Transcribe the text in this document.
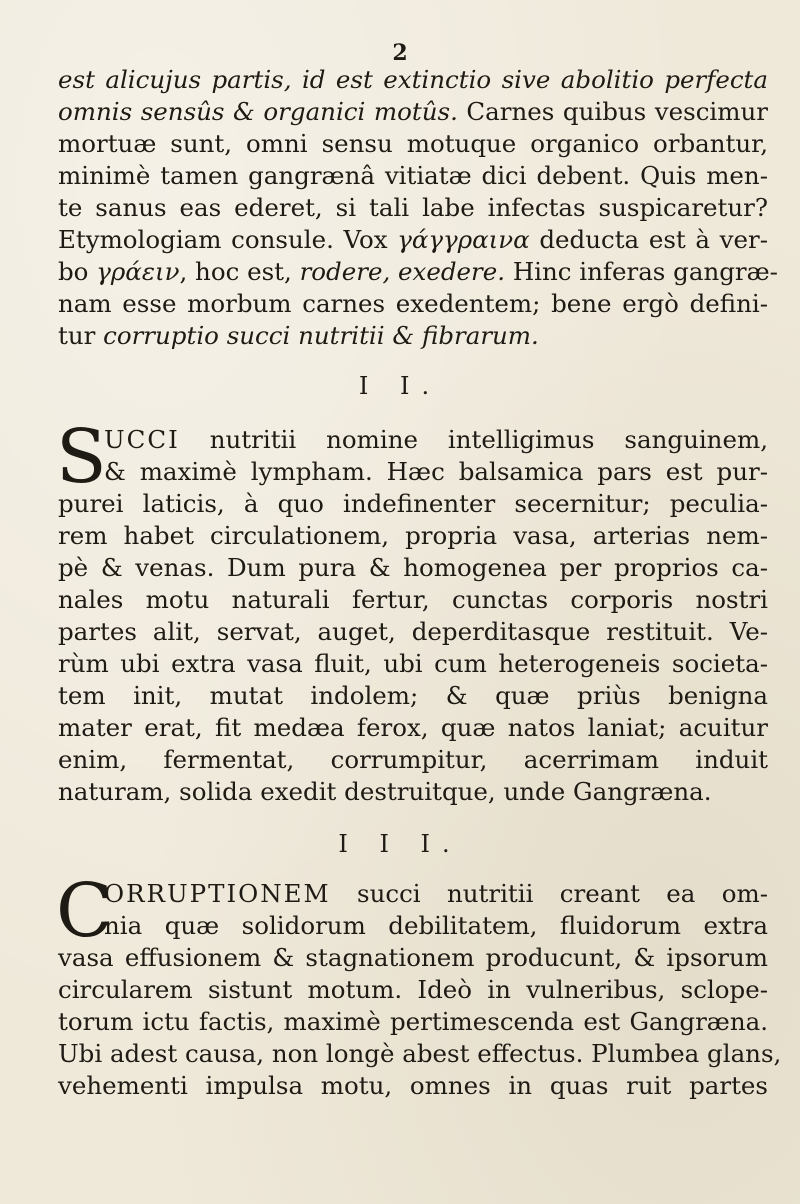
2
est alicujus partis, id est extinctio sive abolitio perfecta
omnis sensûs & organici motûs. Carnes quibus vescimur
mortuæ sunt, omni sensu motuque organico orbantur,
minimè tamen gangrænâ vitiatæ dici debent. Quis men-
te sanus eas ederet, si tali labe infectas suspicaretur?
Etymologiam consule. Vox γάγγραινα deducta est à ver-
bo γράειν, hoc est, rodere, exedere. Hinc inferas gangræ-
nam esse morbum carnes exedentem; bene ergò defini-
tur corruptio succi nutritii & fibrarum.
I I.
S
UCCI nutritii nomine intelligimus sanguinem,
& maximè lympham. Hæc balsamica pars est pur-
purei laticis, à quo indefinenter secernitur; peculia-
rem habet circulationem, propria vasa, arterias nem-
pè & venas. Dum pura & homogenea per proprios ca-
nales motu naturali fertur, cunctas corporis nostri
partes alit, servat, auget, deperditasque restituit. Ve-
rùm ubi extra vasa fluit, ubi cum heterogeneis societa-
tem init, mutat indolem; & quæ priùs benigna
mater erat, fit medæa ferox, quæ natos laniat; acuitur
enim, fermentat, corrumpitur, acerrimam induit
naturam, solida exedit destruitque, unde Gangræna.
I I I.
C
ORRUPTIONEM succi nutritii creant ea om-
nia quæ solidorum debilitatem, fluidorum extra
vasa effusionem & stagnationem producunt, & ipsorum
circularem sistunt motum. Ideò in vulneribus, sclope-
torum ictu factis, maximè pertimescenda est Gangræna.
Ubi adest causa, non longè abest effectus. Plumbea glans,
vehementi impulsa motu, omnes in quas ruit partes
